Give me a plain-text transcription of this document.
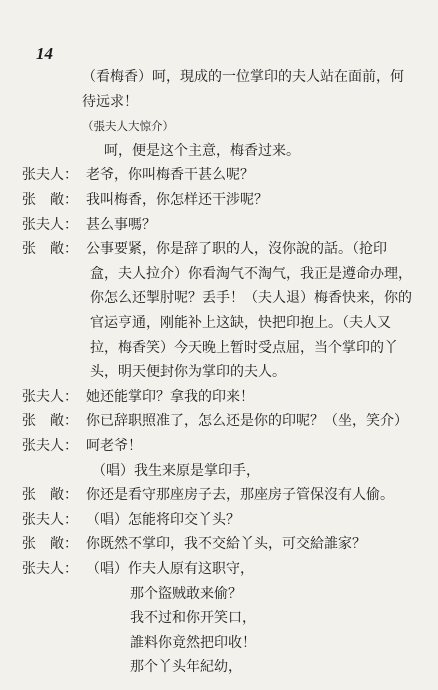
14
（看梅香）呵，現成的一位掌印的夫人站在面前，何
待远求！
（張夫人大惊介）
呵，便是这个主意，梅香过来。
张夫人： 老爷，你叫梅香干甚么呢？
张　敞： 我叫梅香，你怎样还干涉呢？
张夫人： 甚么事嗎？
张　敞： 公事要紧，你是辞了职的人，沒你說的話。（抢印
盒，夫人拉介）你看淘气不淘气，我正是遵命办理，
你怎么还掣肘呢？丢手！（夫人退）梅香快来，你的
官运亨通，刚能补上这缺，快把印抱上。（夫人又
拉，梅香笑）今天晚上暂时受点屈，当个掌印的丫
头，明天便封你为掌印的夫人。
张夫人： 她还能掌印？拿我的印来！
张　敞： 你已辞职照准了，怎么还是你的印呢？（坐，笑介）
张夫人： 呵老爷！
（唱）我生来原是掌印手，
张　敞： 你还是看守那座房子去，那座房子管保沒有人偷。
张夫人： （唱）怎能将印交丫头？
张　敞： 你既然不掌印，我不交給丫头，可交給誰家？
张夫人： （唱）作夫人原有这职守，
那个盜贼敢来偷？
我不过和你开笑口，
誰料你竟然把印收！
那个丫头年紀幼，
